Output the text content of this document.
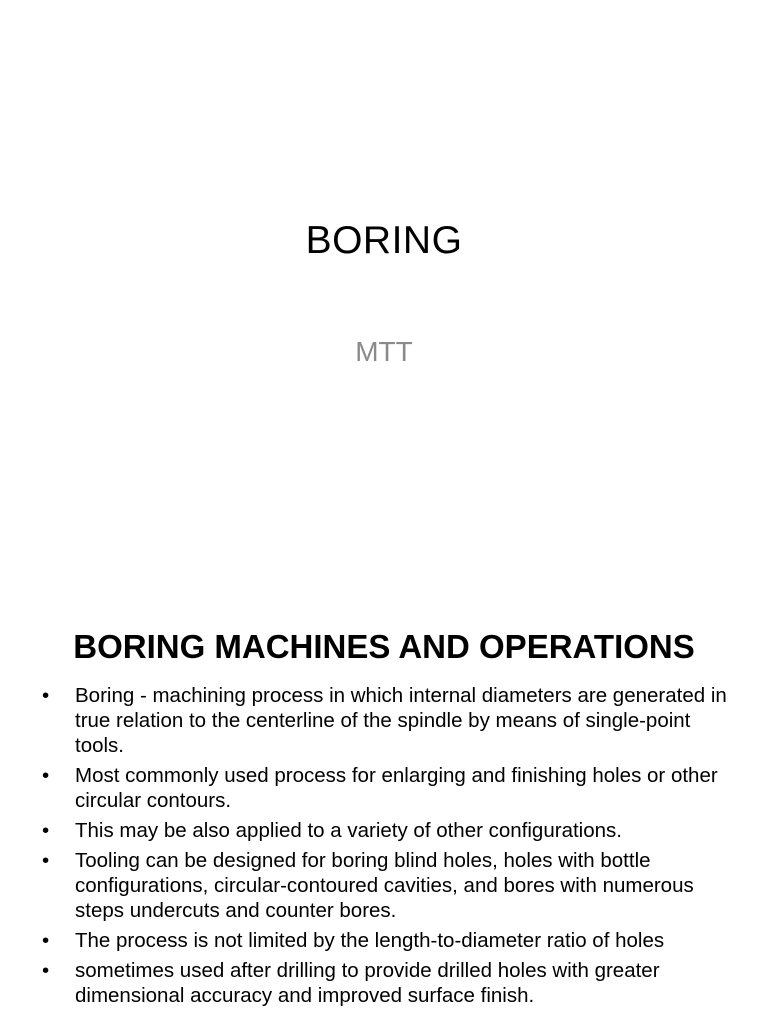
BORING
MTT
BORING MACHINES AND OPERATIONS
•	Boring - machining process in which internal diameters are generated in true relation to the centerline of the spindle by means of single-point tools.
•	Most commonly used process for enlarging and finishing holes or other circular contours.
•	This may be also applied to a variety of other configurations.
•	Tooling can be designed for boring blind holes, holes with bottle configurations, circular-contoured cavities, and bores with numerous steps undercuts and counter bores.
•	The process is not limited by the length-to-diameter ratio of holes
•	sometimes used after drilling to provide drilled holes with greater dimensional accuracy and improved surface finish.
